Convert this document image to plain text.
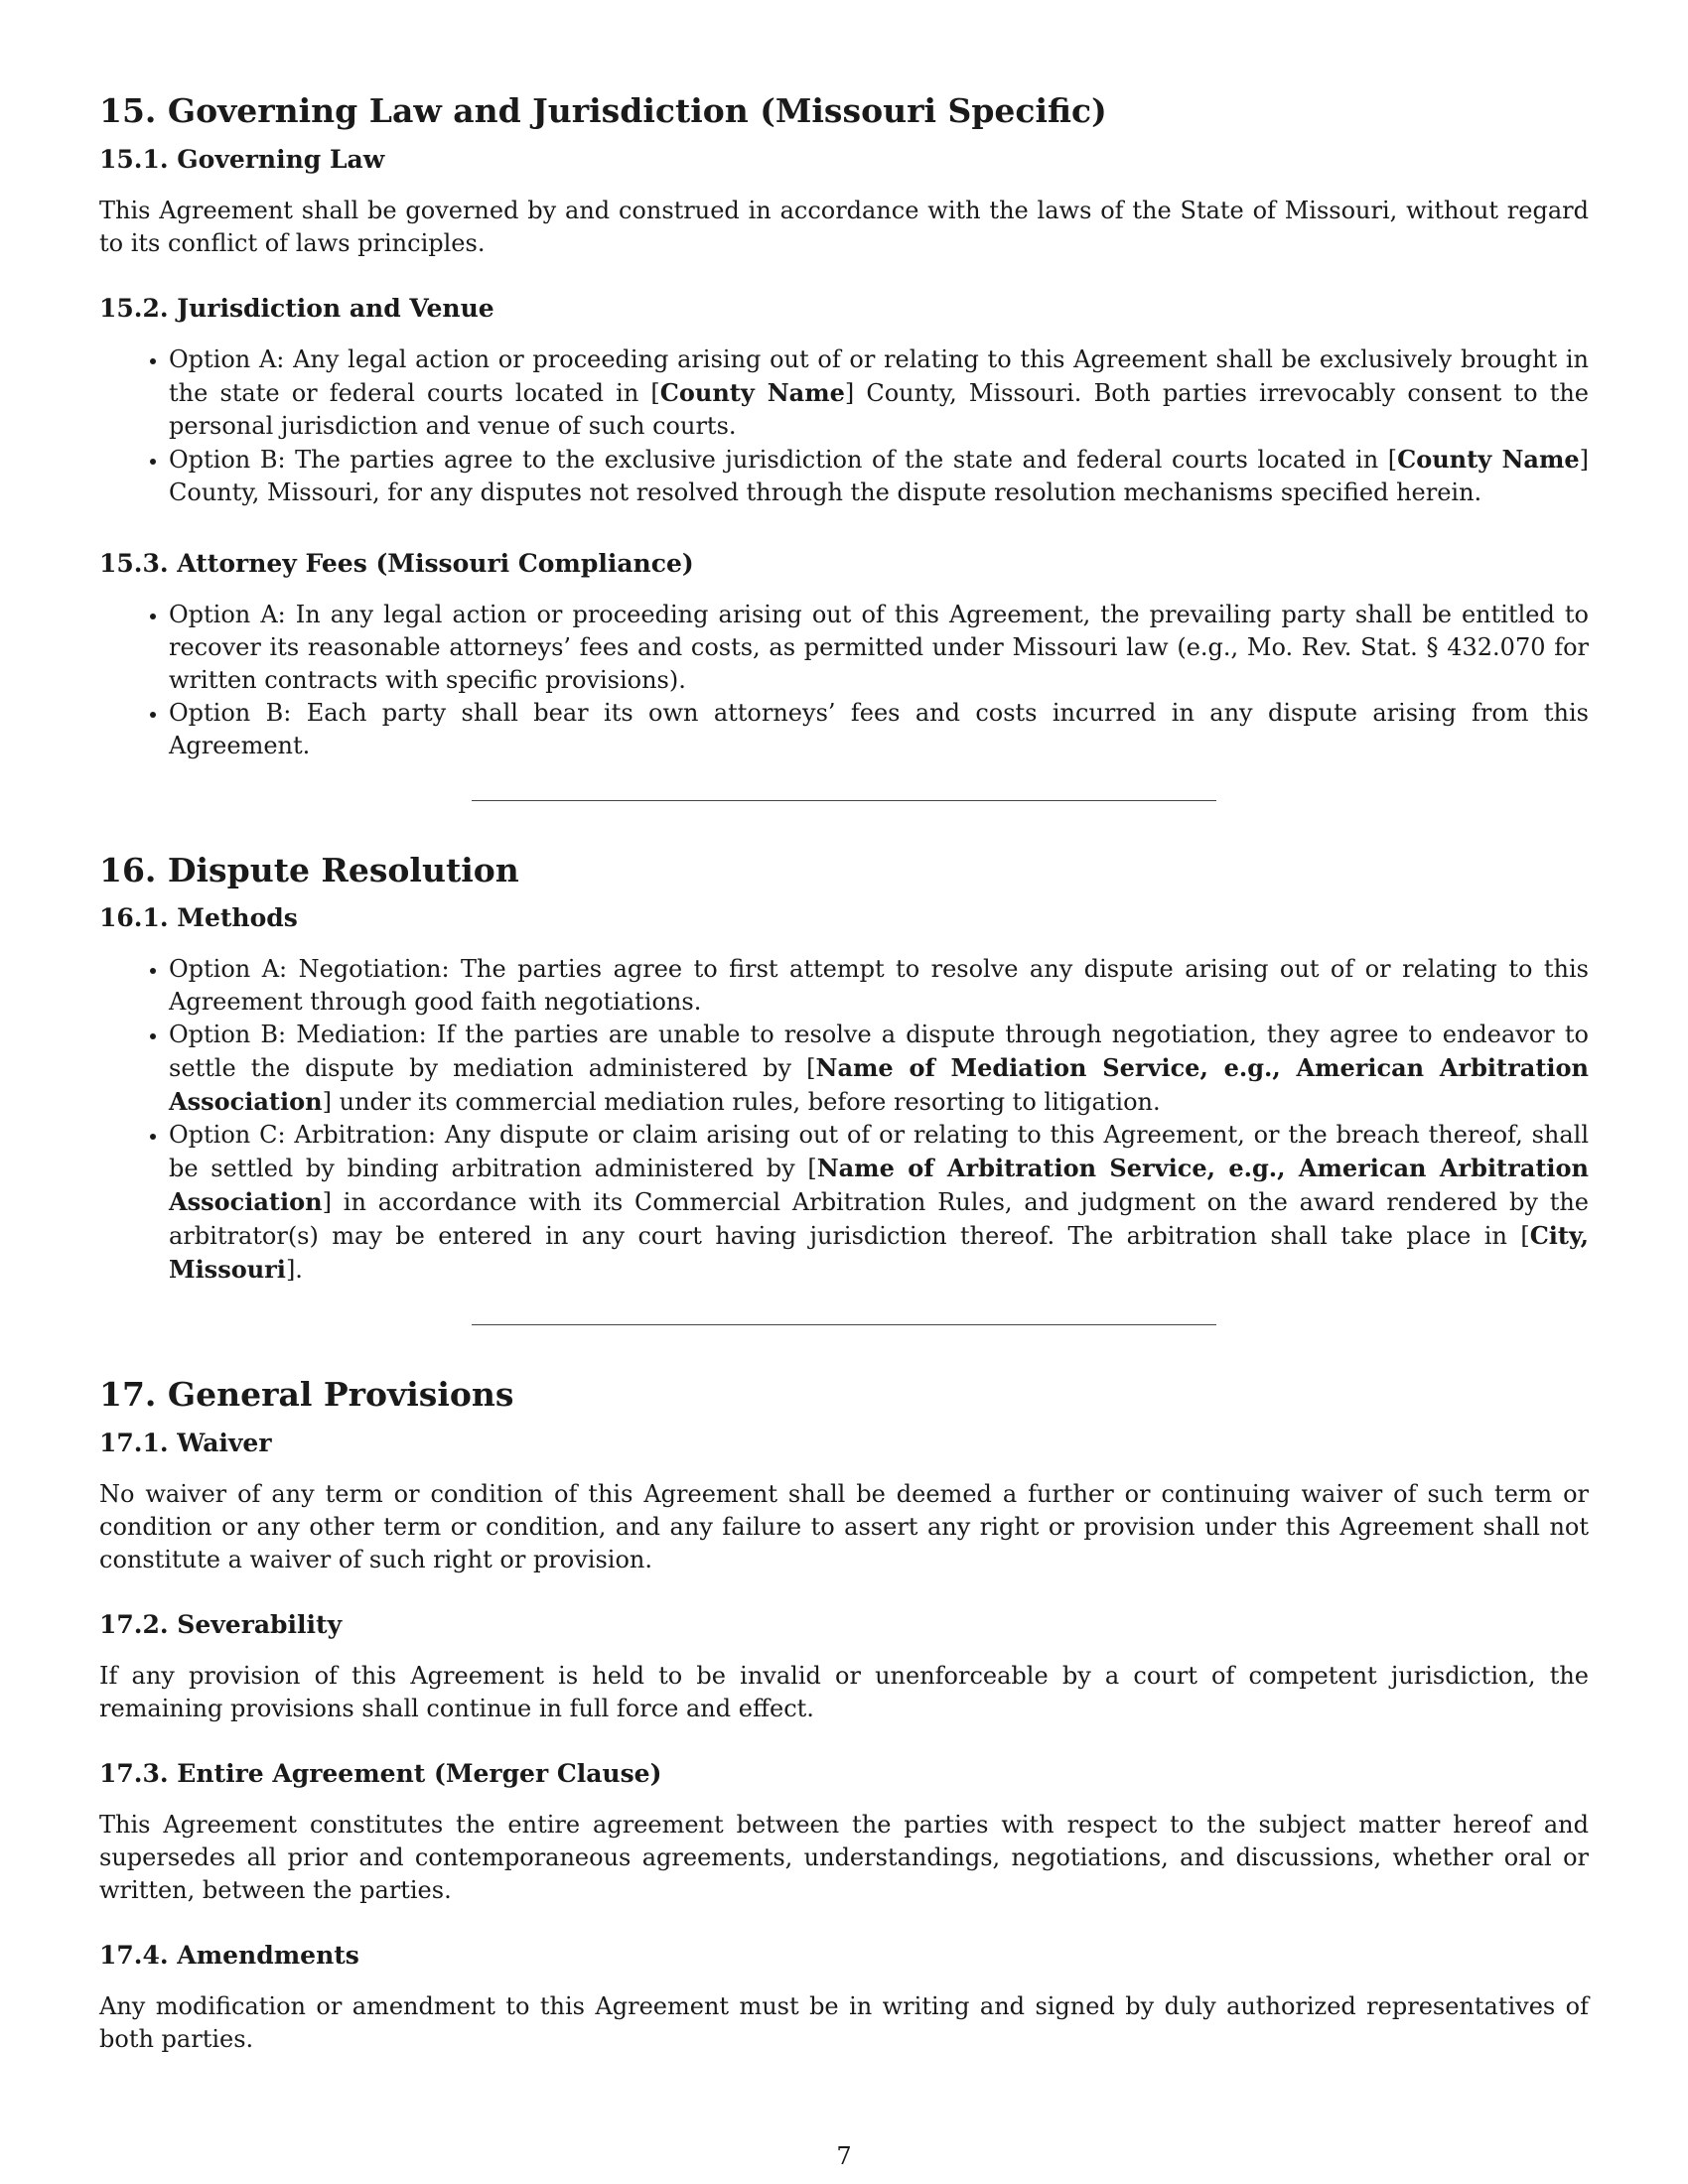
15. Governing Law and Jurisdiction (Missouri Specific)
15.1. Governing Law

This Agreement shall be governed by and construed in accordance with the laws of the State of Missouri, without regard to its conflict of laws principles.

15.2. Jurisdiction and Venue
• Option A: Any legal action or proceeding arising out of or relating to this Agreement shall be exclusively brought in the state or federal courts located in [County Name] County, Missouri. Both parties irrevocably consent to the personal jurisdiction and venue of such courts.
• Option B: The parties agree to the exclusive jurisdiction of the state and federal courts located in [County Name] County, Missouri, for any disputes not resolved through the dispute resolution mechanisms specified herein.
15.3. Attorney Fees (Missouri Compliance)
• Option A: In any legal action or proceeding arising out of this Agreement, the prevailing party shall be entitled to recover its reasonable attorneys’ fees and costs, as permitted under Missouri law (e.g., Mo. Rev. Stat. § 432.070 for written contracts with specific provisions).
• Option B: Each party shall bear its own attorneys’ fees and costs incurred in any dispute arising from this Agreement.
16. Dispute Resolution
16.1. Methods
• Option A: Negotiation: The parties agree to first attempt to resolve any dispute arising out of or relating to this Agreement through good faith negotiations.
• Option B: Mediation: If the parties are unable to resolve a dispute through negotiation, they agree to endeavor to settle the dispute by mediation administered by [Name of Mediation Service, e.g., American Arbitration Association] under its commercial mediation rules, before resorting to litigation.
• Option C: Arbitration: Any dispute or claim arising out of or relating to this Agreement, or the breach thereof, shall be settled by binding arbitration administered by [Name of Arbitration Service, e.g., American Arbitration Association] in accordance with its Commercial Arbitration Rules, and judgment on the award rendered by the arbitrator(s) may be entered in any court having jurisdiction thereof. The arbitration shall take place in [City, Missouri].
17. General Provisions
17.1. Waiver

No waiver of any term or condition of this Agreement shall be deemed a further or continuing waiver of such term or condition or any other term or condition, and any failure to assert any right or provision under this Agreement shall not constitute a waiver of such right or provision.

17.2. Severability

If any provision of this Agreement is held to be invalid or unenforceable by a court of competent jurisdiction, the remaining provisions shall continue in full force and effect.

17.3. Entire Agreement (Merger Clause)

This Agreement constitutes the entire agreement between the parties with respect to the subject matter hereof and supersedes all prior and contemporaneous agreements, understandings, negotiations, and discussions, whether oral or written, between the parties.

17.4. Amendments

Any modification or amendment to this Agreement must be in writing and signed by duly authorized representatives of both parties.

7
